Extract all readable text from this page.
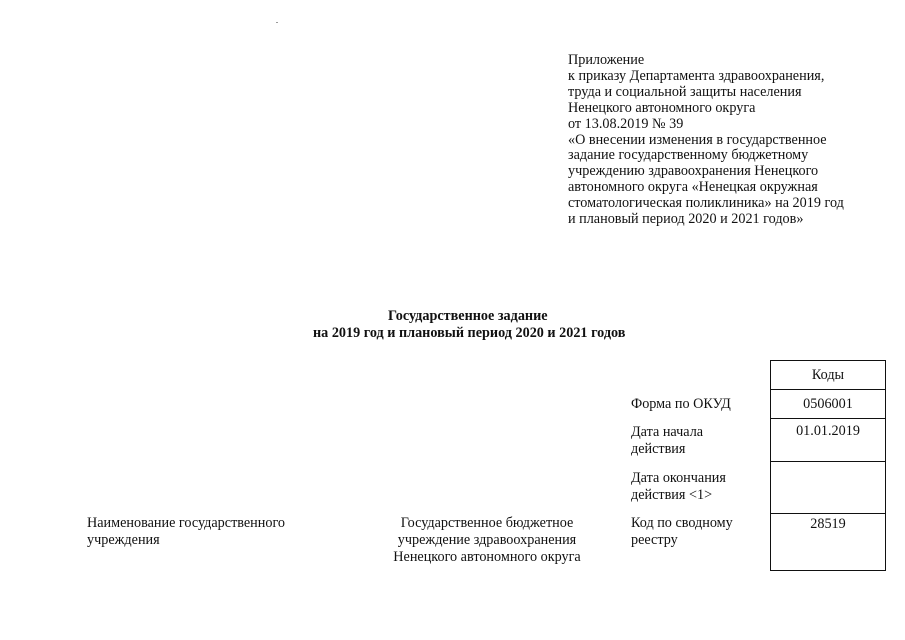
Приложение
к приказу Департамента здравоохранения,
труда и социальной защиты населения
Ненецкого автономного округа
от 13.08.2019 № 39
«О внесении изменения в государственное
задание государственному бюджетному
учреждению здравоохранения Ненецкого
автономного округа «Ненецкая окружная
стоматологическая поликлиника» на 2019 год
и плановый период 2020 и 2021 годов»
Государственное задание
на 2019 год и плановый период 2020 и 2021 годов
Коды
0506001
01.01.2019
28519
Форма по ОКУД
Дата начала
действия
Дата окончания
действия <1>
Код по сводному
реестру
Наименование государственного
учреждения
Государственное бюджетное
учреждение здравоохранения
Ненецкого автономного округа
